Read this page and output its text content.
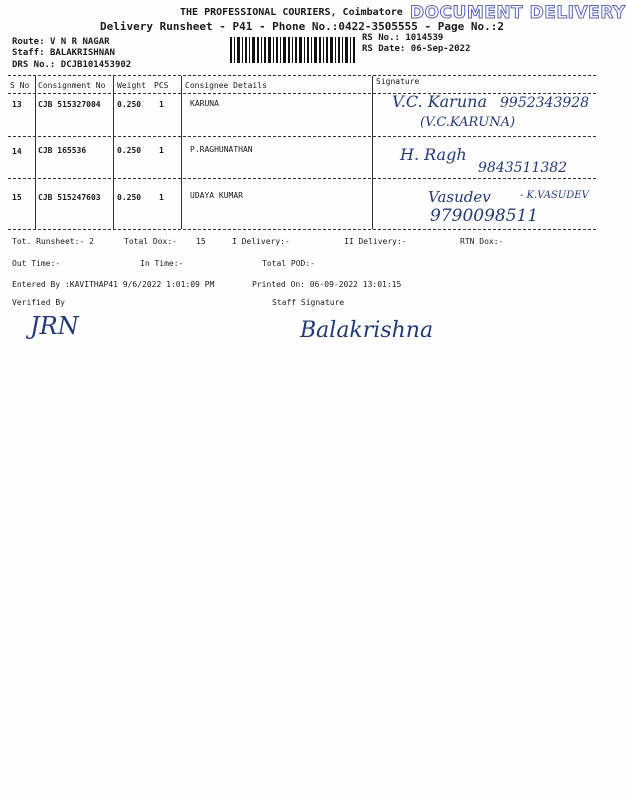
THE PROFESSIONAL COURIERS, Coimbatore
Delivery Runsheet - P41 - Phone No.:0422-3505555 - Page No.:2
DOCUMENT DELIVERY
Route: V N R NAGAR
Staff: BALAKRISHNAN
DRS No.: DCJB101453902
RS No.: 1014539
RS Date: 06-Sep-2022
S No Consignment No Weight PCS Consignee Details	Signature
13 CJB 515327004 0.250 1	KARUNA	V.C. Karuna 9952343928
(V.C.KARUNA)
14 CJB 165536	0.250 1	P.RAGHUNATHAN	H. Ragh
9843511382
15 CJB 515247603 0.250 1	UDAYA KUMAR	Vasudev	- K.VASUDEV
9790098511
Tot. Runsheet:- 2	Total Dox:- 15	I Delivery:-	II Delivery:-	RTN Dox:-
Out Time:-	In Time:-	Total POD:-
Entered By :KAVITHAP41 9/6/2022 1:01:09 PM	Printed On: 06-09-2022 13:01:15
Verified By	Staff Signature
JRN	Balakrishna
